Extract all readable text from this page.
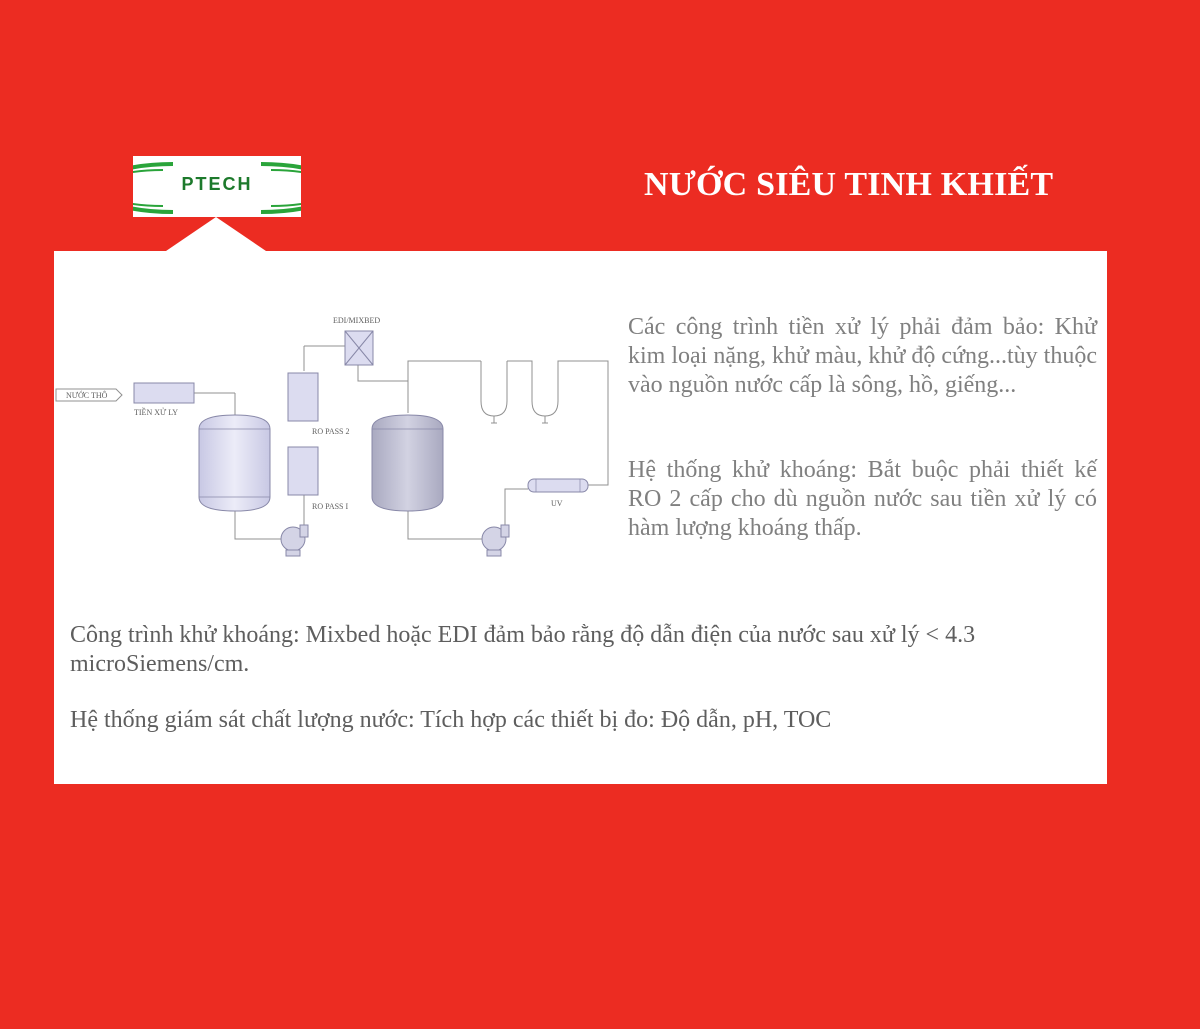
PTECH	NƯỚC SIÊU TINH KHIẾT
NƯỚC THÔ
TIỀN XỬ LY
RO PASS I
RO PASS 2
EDI/MIXBED
UV

Các công trình tiền xử lý phải đảm bảo: Khử kim loại nặng, khử màu, khử độ cứng...tùy thuộc vào nguồn nước cấp là sông, hồ, giếng...

Hệ thống khử khoáng: Bắt buộc phải thiết kế RO 2 cấp cho dù nguồn nước sau tiền xử lý có hàm lượng khoáng thấp.

Công trình khử khoáng: Mixbed hoặc EDI đảm bảo rằng độ dẫn điện của nước sau xử lý < 4.3 microSiemens/cm.

Hệ thống giám sát chất lượng nước: Tích hợp các thiết bị đo: Độ dẫn, pH, TOC
